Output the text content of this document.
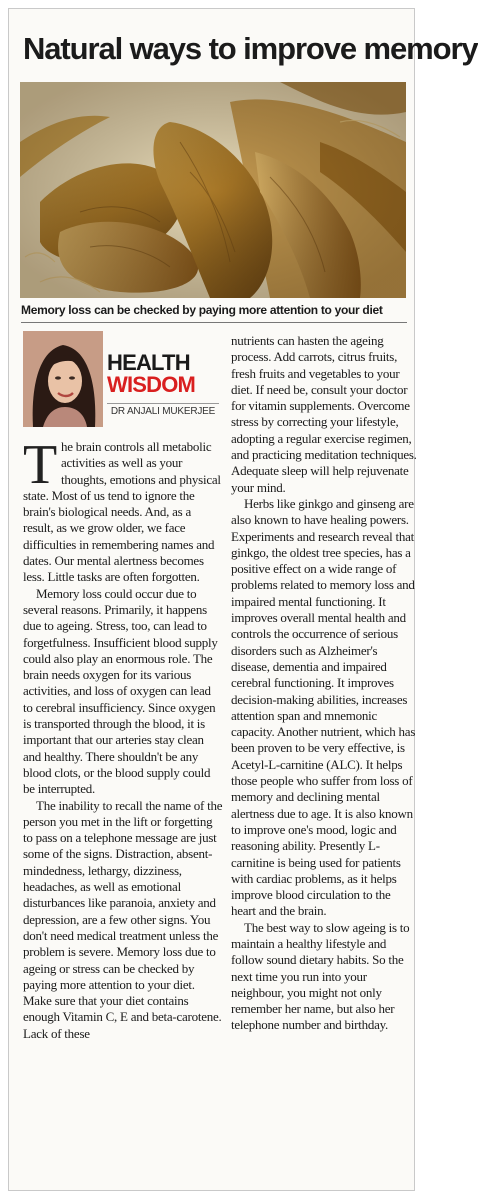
Natural ways to improve memory
Memory loss can be checked by paying more attention to your diet
HEALTH
WISDOM
DR ANJALI MUKERJEE

The brain controls all metabolic activities as well as your thoughts, emotions and physical state. Most of us tend to ignore the brain's biological needs. And, as a result, as we grow older, we face difficulties in remembering names and dates. Our mental alertness becomes less. Little tasks are often forgotten.

Memory loss could occur due to several reasons. Primarily, it happens due to ageing. Stress, too, can lead to forgetfulness. Insufficient blood supply could also play an enormous role. The brain needs oxygen for its various activities, and loss of oxygen can lead to cerebral insufficiency. Since oxygen is transported through the blood, it is important that our arteries stay clean and healthy. There shouldn't be any blood clots, or the blood supply could be interrupted.

The inability to recall the name of the person you met in the lift or forgetting to pass on a telephone message are just some of the signs. Distraction, absent-mindedness, lethargy, dizziness, headaches, as well as emotional disturbances like paranoia, anxiety and depression, are a few other signs. You don't need medical treatment unless the problem is severe. Memory loss due to ageing or stress can be checked by paying more attention to your diet. Make sure that your diet contains enough Vitamin C, E and beta-carotene. Lack of these

nutrients can hasten the ageing process. Add carrots, citrus fruits, fresh fruits and vegetables to your diet. If need be, consult your doctor for vitamin supplements. Overcome stress by correcting your lifestyle, adopting a regular exercise regimen, and practicing meditation techniques. Adequate sleep will help rejuvenate your mind.

Herbs like ginkgo and ginseng are also known to have healing powers. Experiments and research reveal that ginkgo, the oldest tree species, has a positive effect on a wide range of problems related to memory loss and impaired mental functioning. It improves overall mental health and controls the occurrence of serious disorders such as Alzheimer's disease, dementia and impaired cerebral functioning. It improves decision-making abilities, increases attention span and mnemonic capacity. Another nutrient, which has been proven to be very effective, is Acetyl-L-carnitine (ALC). It helps those people who suffer from loss of memory and declining mental alertness due to age. It is also known to improve one's mood, logic and reasoning ability. Presently L-carnitine is being used for patients with cardiac problems, as it helps improve blood circulation to the heart and the brain.

The best way to slow ageing is to maintain a healthy lifestyle and follow sound dietary habits. So the next time you run into your neighbour, you might not only remember her name, but also her telephone number and birthday.
